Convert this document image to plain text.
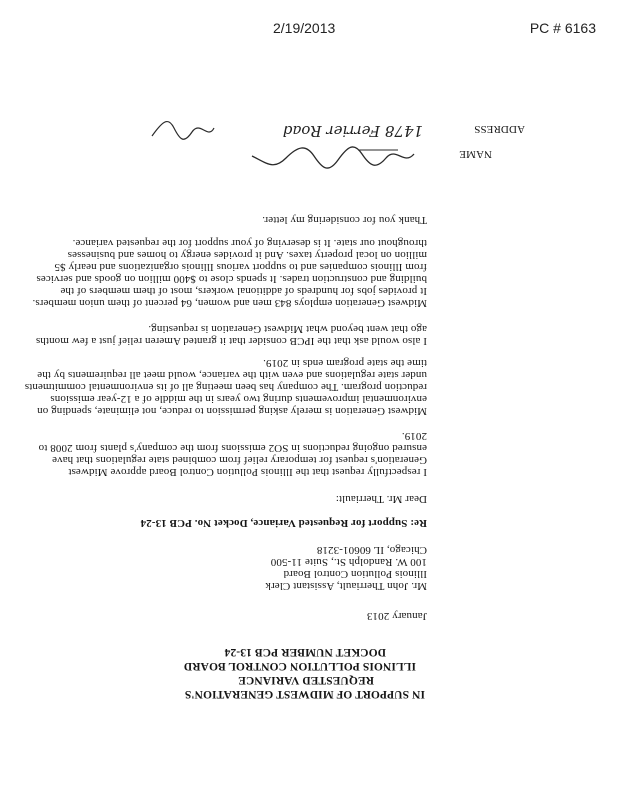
2/19/2013	PC # 6163
IN SUPPORT OF MIDWEST GENERATION'S
REQUESTED VARIANCE
ILLINOIS POLLUTION CONTROL BOARD
DOCKET NUMBER PCB 13-24
January 2013
Mr. John Therriault, Assistant Clerk
Illinois Pollution Control Board
100 W. Randolph St., Suite 11-500
Chicago, IL 60601-3218
Re: Support for Requested Variance, Docket No. PCB 13-24
Dear Mr. Therriault:
I respectfully request that the Illinois Pollution Control Board approve Midwest
Generation's request for temporary relief from combined state regulations that have
ensured ongoing reductions in SO2 emissions from the company's plants from 2008 to
2019.
Midwest Generation is merely asking permission to reduce, not eliminate, spending on
environmental improvements during two years in the middle of a 12-year emissions
reduction program. The company has been meeting all of its environmental commitments
under state regulations and even with the variance, would meet all requirements by the
time the state program ends in 2019.
I also would ask that the IPCB consider that it granted Ameren relief just a few months
ago that went beyond what Midwest Generation is requesting.
Midwest Generation employs 843 men and women, 64 percent of them union members.
It provides jobs for hundreds of additional workers, most of them members of the
building and construction trades. It spends close to $400 million on goods and services
from Illinois companies and to support various Illinois organizations and nearly $5
million on local property taxes. And it provides energy to homes and businesses
throughout our state. It is deserving of your support for the requested variance.
Thank you for considering my letter.
NAME
ADDRESS
1478 Ferrier Road
